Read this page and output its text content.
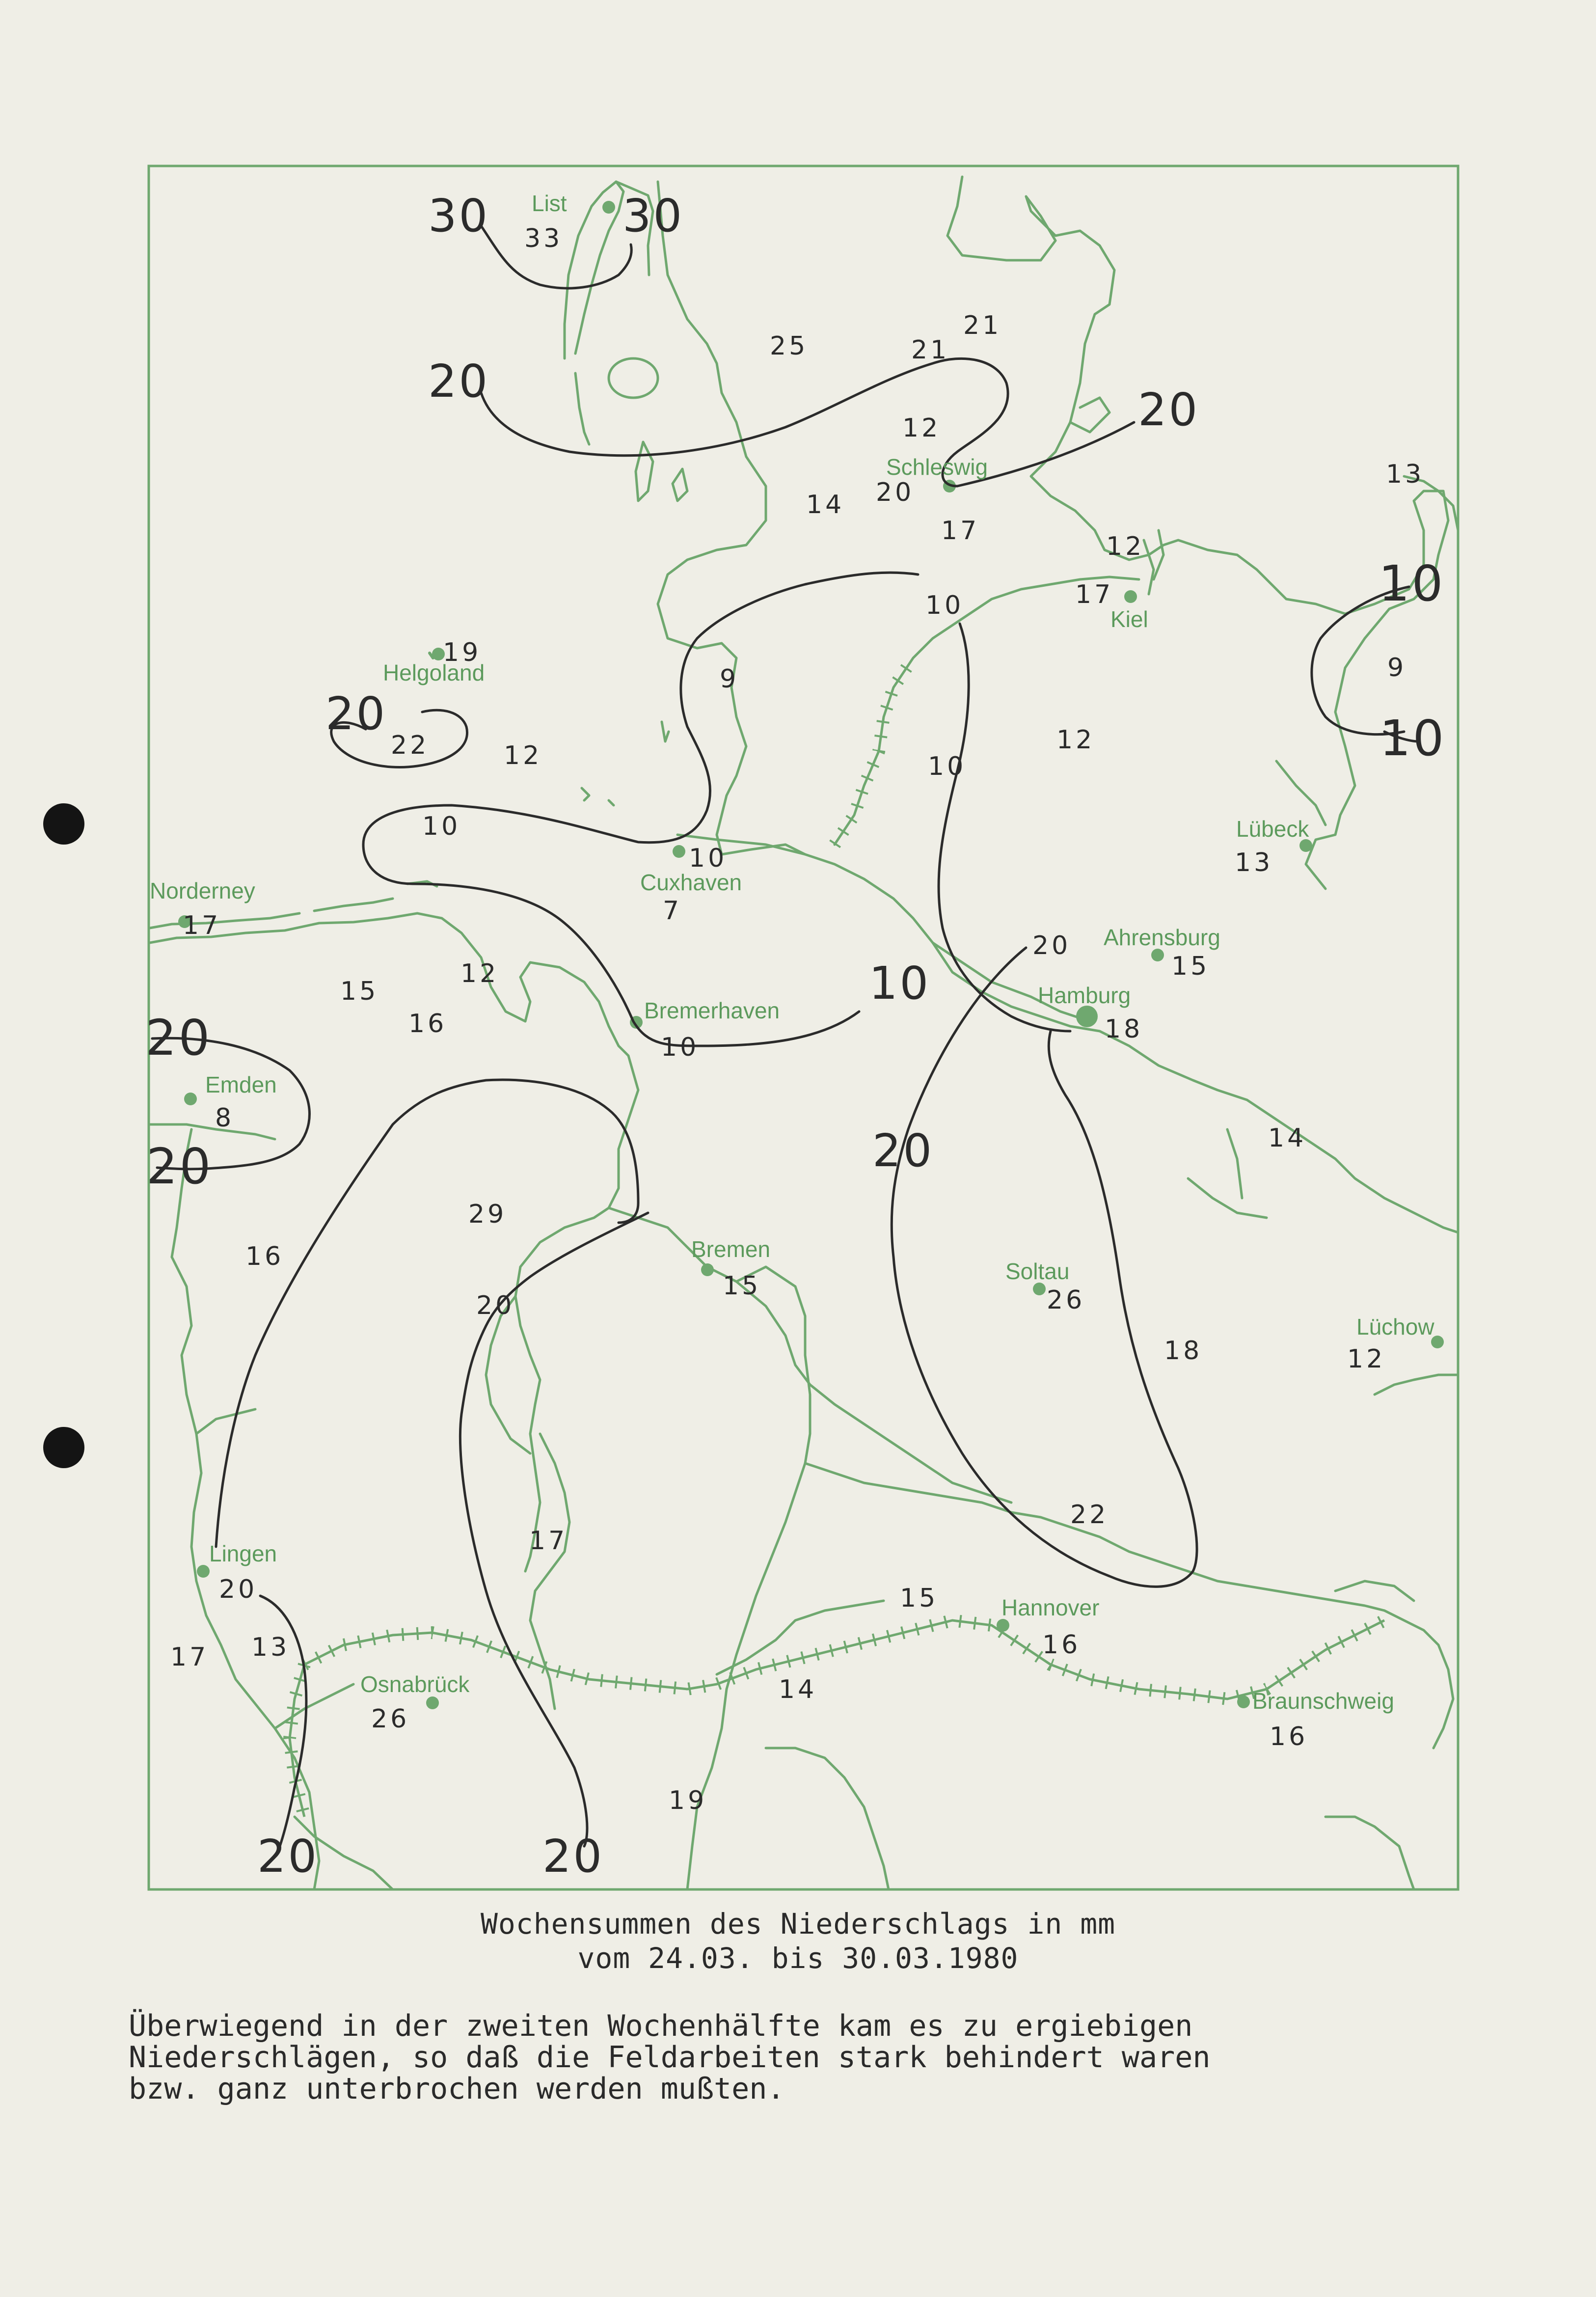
List
Schleswig
Kiel
Helgoland
Lübeck
Norderney	Cuxhaven
Ahrensburg
Hamburg
Bremerhaven
Emden
Bremen
Soltau
Lüchow
Lingen
Osnabrück
Hannover
Braunschweig
33
25	21
21
12
14 20
17
13
12
17
19
9
22	12
9
12
13
7
17
15
12
16
15
18
8
14
29
16
15	26
18	12
22
17
15
20
17 13	16
26
14
16
19
30	30
20
20
10
10
20
10
10
10
10
10
10
20
20
20
20
20
20	20
Wochensummen des Niederschlags in mm
vom 24.03. bis 30.03.1980
Überwiegend in der zweiten Wochenhälfte kam es zu ergiebigen
Niederschlägen, so daß die Feldarbeiten stark behindert waren
bzw. ganz unterbrochen werden mußten.
